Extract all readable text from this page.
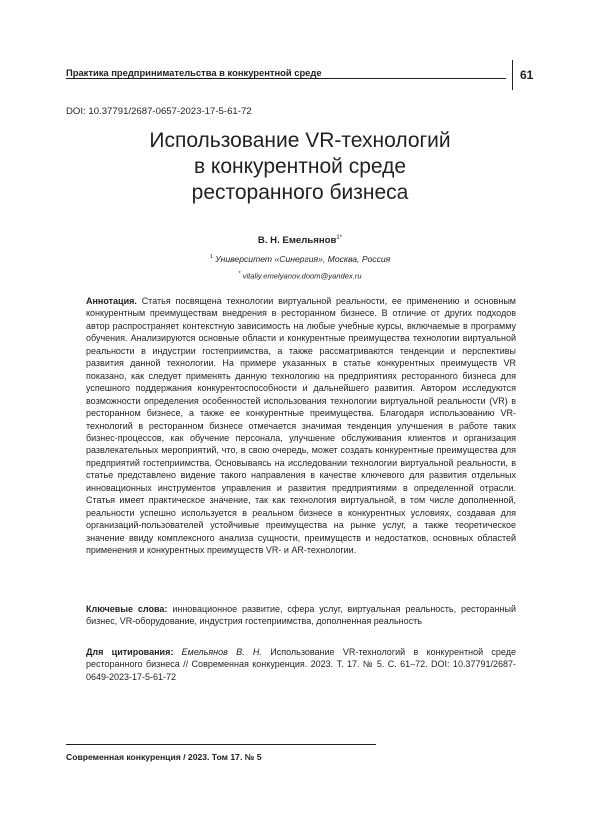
Практика предпринимательства в конкурентной среде	61
DOI: 10.37791/2687-0657-2023-17-5-61-72
Использование VR-технологий
в конкурентной среде
ресторанного бизнеса
В. Н. Емельянов$^{1*}$
$^1$ Университет «Синергия», Москва, Россия
* vitaliy.emelyanov.doom@yandex.ru
Аннотация. Статья посвящена технологии виртуальной реальности, ее применению и основным конкурентным преимуществам внедрения в ресторанном бизнесе. В отличие от других подходов автор распространяет контекстную зависимость на любые учебные курсы, включаемые в программу обучения. Анализируются основные области и конкурентные преимущества технологии виртуальной реальности в индустрии гостеприимства, а также рассматриваются тенденции и перспективы развития данной технологии. На примере указанных в статье конкурентных преимуществ VR показано, как следует применять данную технологию на предприятиях ресторанного бизнеса для успешного поддержания конкурентоспособности и дальнейшего развития. Автором исследуются возможности определения особенностей использования технологии виртуальной реальности (VR) в ресторанном бизнесе, а также ее конкурентные преимущества. Благодаря использованию VR-технологий в ресторанном бизнесе отмечается значимая тенденция улучшения в работе таких бизнес-процессов, как обучение персонала, улучшение обслуживания клиентов и организация развлекательных мероприятий, что, в свою очередь, может создать конкурентные преимущества для предприятий гостеприимства. Основываясь на исследовании технологии виртуальной реальности, в статье представлено видение такого направления в качестве ключевого для развития отдельных инновационных инструментов управления и развития предприятиями в определенной отрасли. Статья имеет практическое значение, так как технология виртуальной, в том числе дополненной, реальности успешно используется в реальном бизнесе в конкурентных условиях, создавая для организаций-пользователей устойчивые преимущества на рынке услуг, а также теоретическое значение ввиду комплексного анализа сущности, преимуществ и недостатков, основных областей применения и конкурентных преимуществ VR- и AR-технологии.
Ключевые слова: инновационное развитие, сфера услуг, виртуальная реальность, ресторанный бизнес, VR-оборудование, индустрия гостеприимства, дополненная реальность
Для цитирования: Емельянов В. Н. Использование VR-технологий в конкурентной среде ресторанного бизнеса // Современная конкуренция. 2023. Т. 17. № 5. С. 61–72. DOI: 10.37791/2687-0649-2023-17-5-61-72
Современная конкуренция / 2023. Том 17. № 5
